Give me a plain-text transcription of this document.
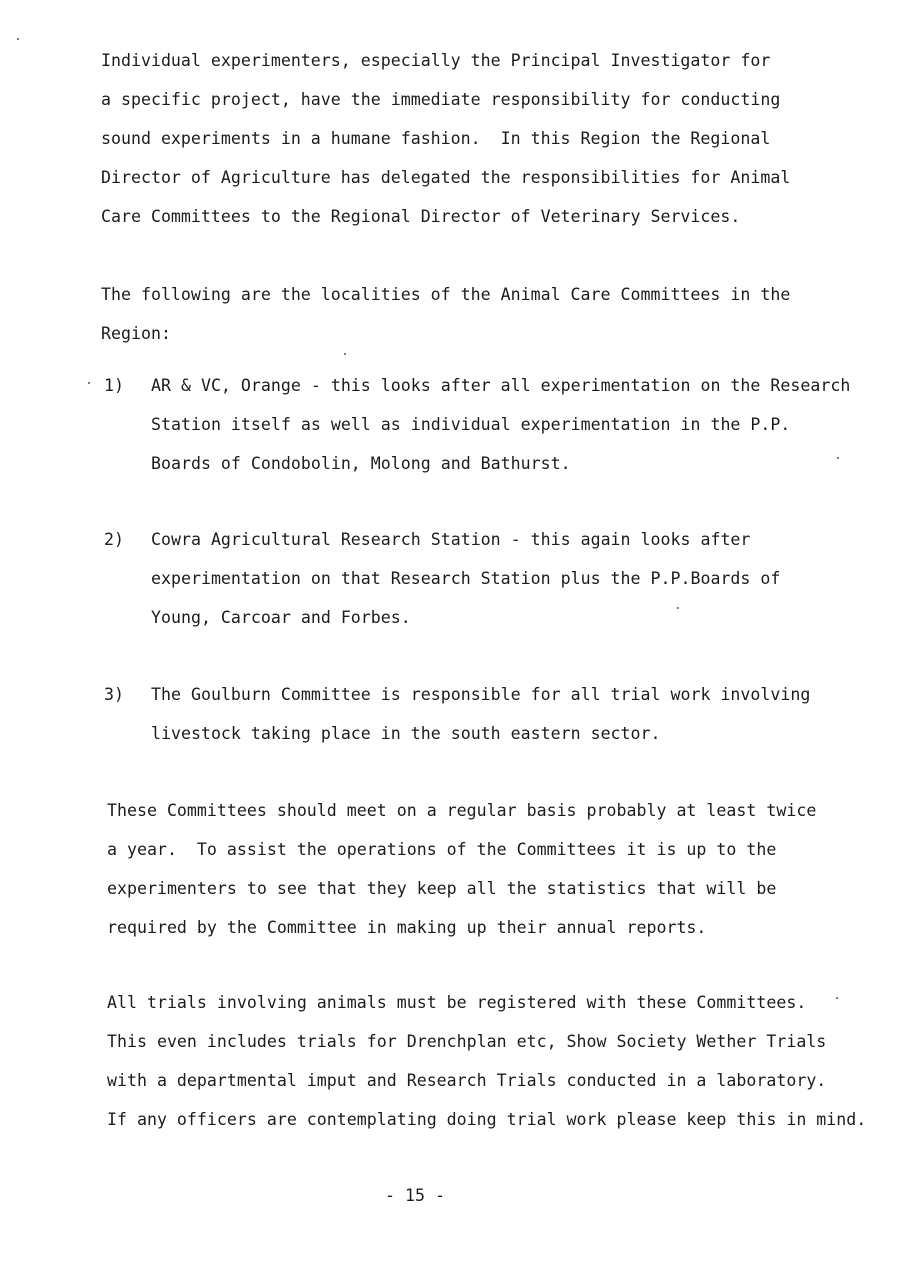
Individual experimenters, especially the Principal Investigator for
a specific project, have the immediate responsibility for conducting
sound experiments in a humane fashion.  In this Region the Regional
Director of Agriculture has delegated the responsibilities for Animal
Care Committees to the Regional Director of Veterinary Services.
The following are the localities of the Animal Care Committees in the
Region:
1) AR & VC, Orange - this looks after all experimentation on the Research
Station itself as well as individual experimentation in the P.P.
Boards of Condobolin, Molong and Bathurst.
2) Cowra Agricultural Research Station - this again looks after
experimentation on that Research Station plus the P.P.Boards of
Young, Carcoar and Forbes.
3) The Goulburn Committee is responsible for all trial work involving
livestock taking place in the south eastern sector.
These Committees should meet on a regular basis probably at least twice
a year.  To assist the operations of the Committees it is up to the
experimenters to see that they keep all the statistics that will be
required by the Committee in making up their annual reports.
All trials involving animals must be registered with these Committees.
This even includes trials for Drenchplan etc, Show Society Wether Trials
with a departmental imput and Research Trials conducted in a laboratory.
If any officers are contemplating doing trial work please keep this in mind.
- 15 -
